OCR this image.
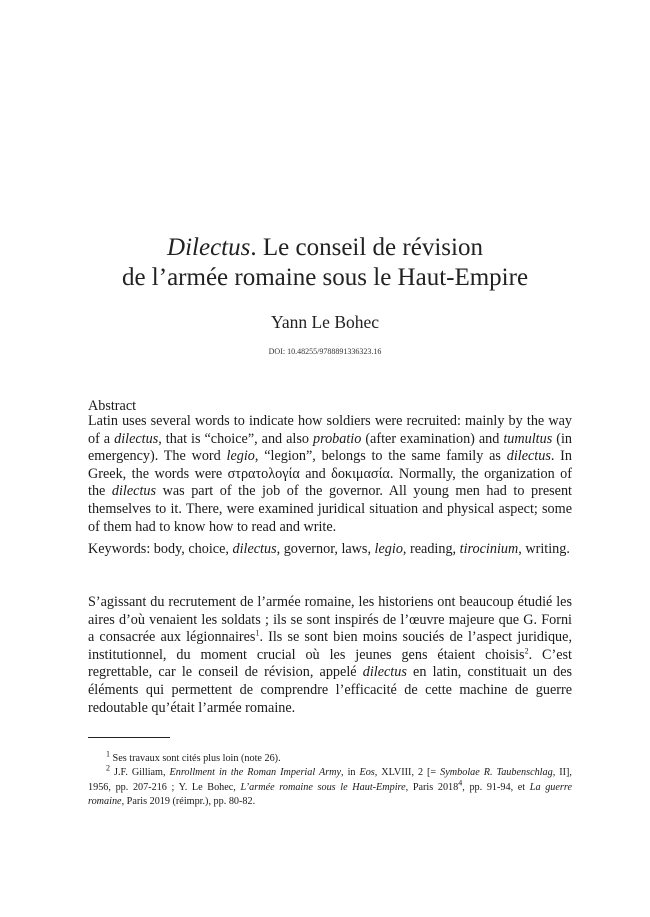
Dilectus. Le conseil de révision
de l’armée romaine sous le Haut-Empire
Yann Le Bohec
DOI: 10.48255/9788891336323.16
Abstract

Latin uses several words to indicate how soldiers were recruited: mainly by the way of a dilectus, that is “choice”, and also probatio (after examination) and tumultus (in emergency). The word legio, “legion”, belongs to the same family as dilectus. In Greek, the words were στρατολογία and δοκιμασία. Normally, the organization of the dilectus was part of the job of the governor. All young men had to present themselves to it. There, were examined juridical situation and physical aspect; some of them had to know how to read and write.

Keywords: body, choice, dilectus, governor, laws, legio, reading, tirocinium, writing.

S’agissant du recrutement de l’armée romaine, les historiens ont beaucoup étudié les aires d’où venaient les soldats ; ils se sont inspirés de l’œuvre majeure que G. Forni a consacrée aux légionnaires$^1$. Ils se sont bien moins souciés de l’aspect juridique, institutionnel, du moment crucial où les jeunes gens étaient choisis$^2$. C’est regrettable, car le conseil de révision, appelé dilectus en latin, constituait un des éléments qui permettent de comprendre l’efficacité de cette machine de guerre redoutable qu’était l’armée romaine.

$^1$ Ses travaux sont cités plus loin (note 26).

$^2$ J.F. Gilliam, Enrollment in the Roman Imperial Army, in Eos, XLVIII, 2 [= Symbolae R. Taubenschlag, II], 1956, pp. 207-216 ; Y. Le Bohec, L’armée romaine sous le Haut-Empire, Paris 2018$^4$, pp. 91-94, et La guerre romaine, Paris 2019 (réimpr.), pp. 80-82.
